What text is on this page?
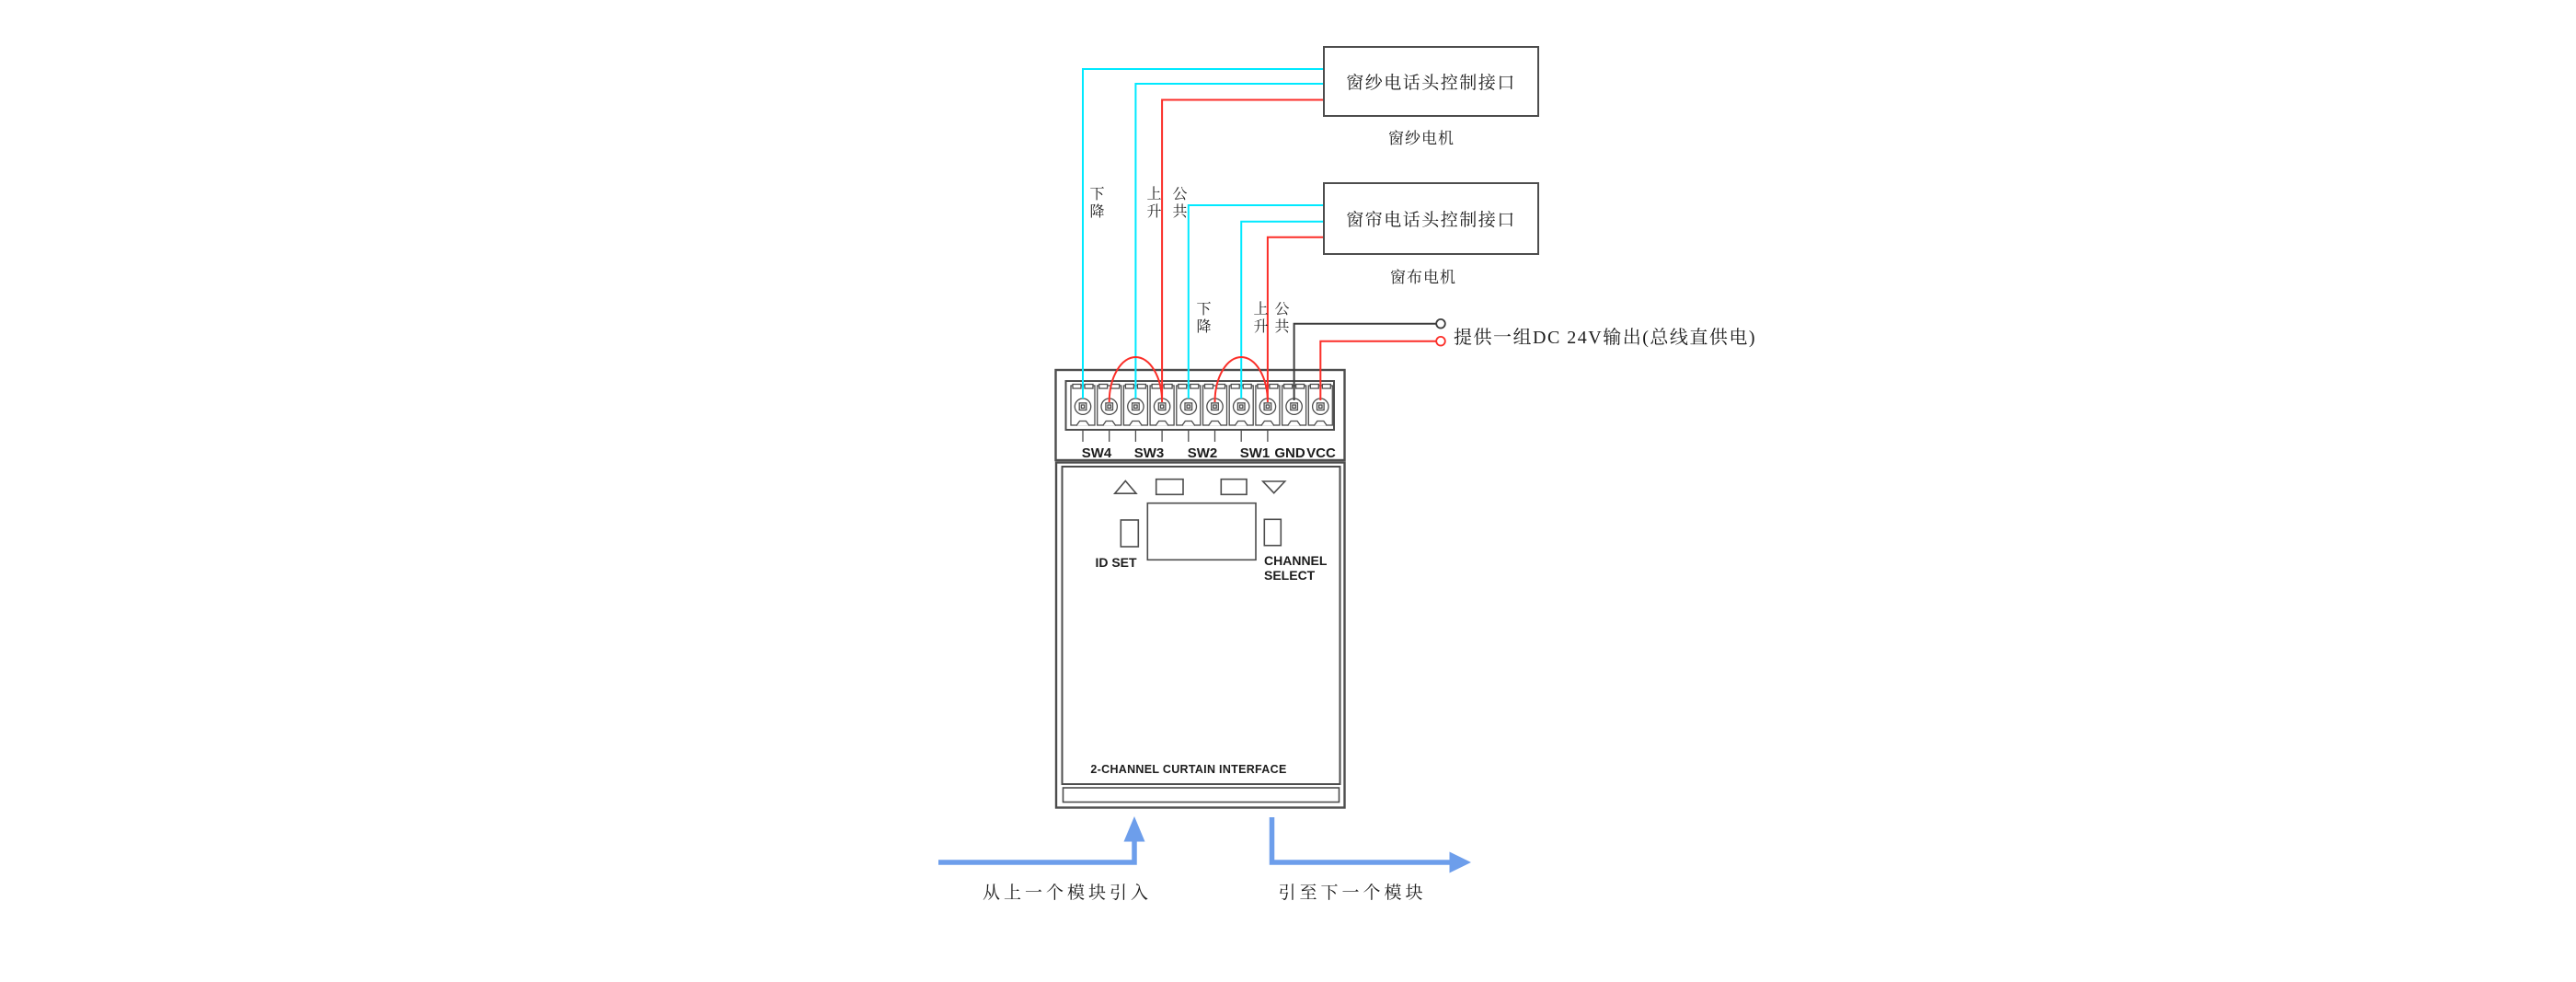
窗纱电话头控制接口
窗纱电机
窗帘电话头控制接口
窗布电机
下降	上升 公共
下降	上升 公共
提供一组DC 24V输出(总线直供电)
SW4 SW3 SW2 SW1 GND VCC
ID SET	CHANNEL
SELECT
2-CHANNEL CURTAIN INTERFACE
从上一个模块引入	引至下一个模块
